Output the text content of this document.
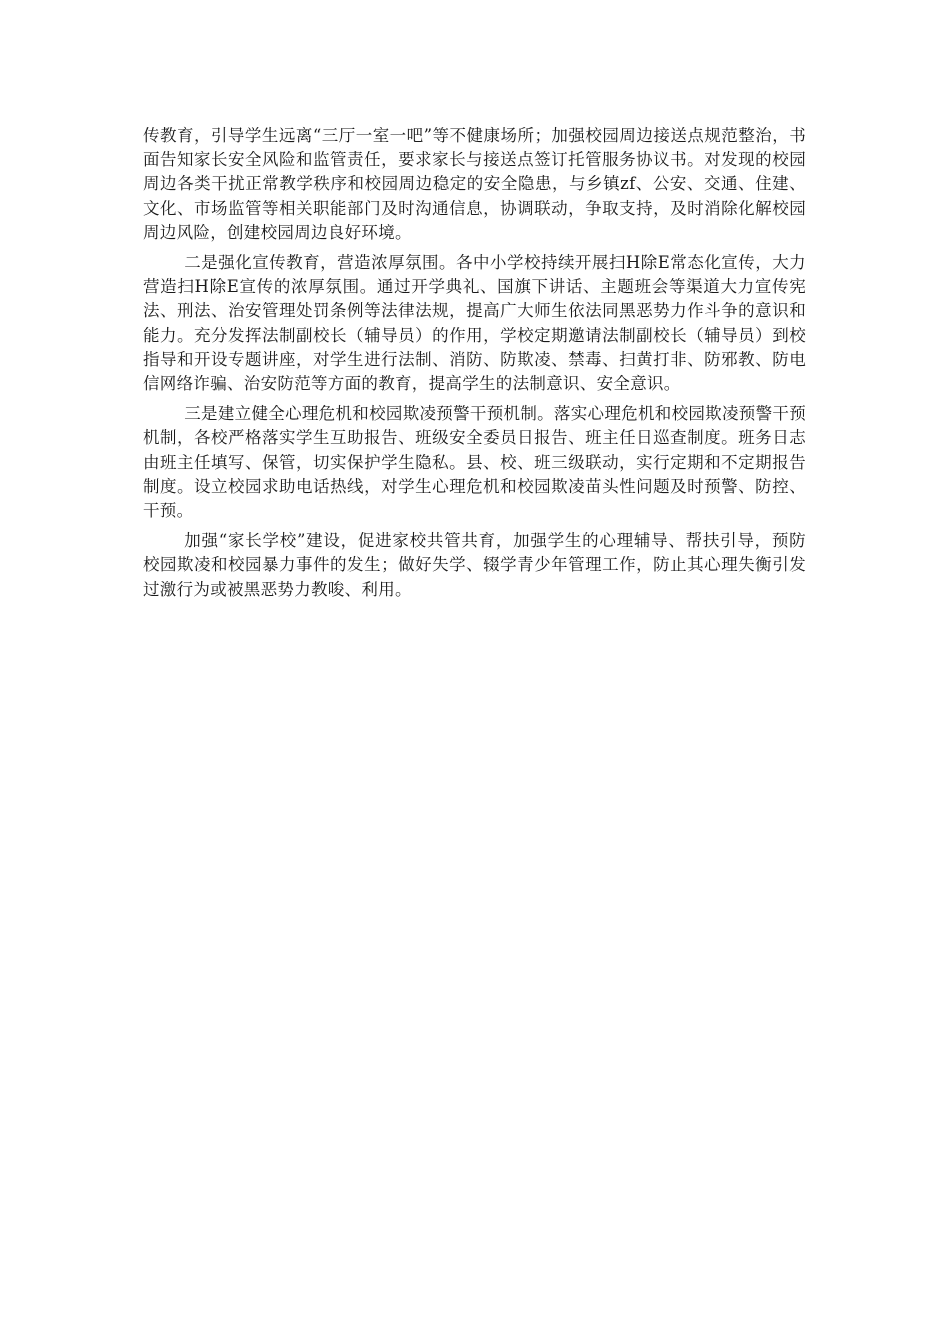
传教育，引导学生远离“三厅一室一吧”等不健康场所；加强校园周边接送点规范整治，书面告知家长安全风险和监管责任，要求家长与接送点签订托管服务协议书。对发现的校园周边各类干扰正常教学秩序和校园周边稳定的安全隐患，与乡镇zf、公安、交通、住建、文化、市场监管等相关职能部门及时沟通信息，协调联动，争取支持，及时消除化解校园周边风险，创建校园周边良好环境。

二是强化宣传教育，营造浓厚氛围。各中小学校持续开展扫H除E常态化宣传，大力营造扫H除E宣传的浓厚氛围。通过开学典礼、国旗下讲话、主题班会等渠道大力宣传宪法、刑法、治安管理处罚条例等法律法规，提高广大师生依法同黑恶势力作斗争的意识和能力。充分发挥法制副校长（辅导员）的作用，学校定期邀请法制副校长（辅导员）到校指导和开设专题讲座，对学生进行法制、消防、防欺凌、禁毒、扫黄打非、防邪教、防电信网络诈骗、治安防范等方面的教育，提高学生的法制意识、安全意识。

三是建立健全心理危机和校园欺凌预警干预机制。落实心理危机和校园欺凌预警干预机制，各校严格落实学生互助报告、班级安全委员日报告、班主任日巡查制度。班务日志由班主任填写、保管，切实保护学生隐私。县、校、班三级联动，实行定期和不定期报告制度。设立校园求助电话热线，对学生心理危机和校园欺凌苗头性问题及时预警、防控、干预。

加强“家长学校”建设，促进家校共管共育，加强学生的心理辅导、帮扶引导，预防校园欺凌和校园暴力事件的发生；做好失学、辍学青少年管理工作，防止其心理失衡引发过激行为或被黑恶势力教唆、利用。
